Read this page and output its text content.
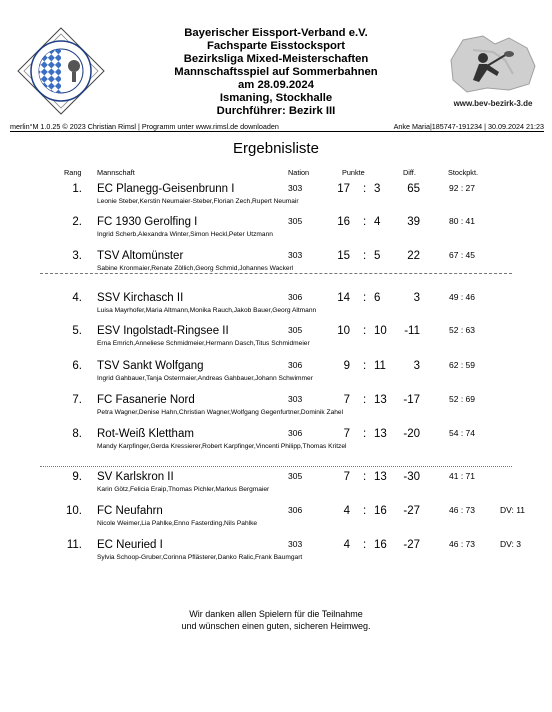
www.bev-bezirk-3.de
Bayerischer Eissport-Verband e.V.
Fachsparte Eisstocksport
Bezirksliga Mixed-Meisterschaften
Mannschaftsspiel auf Sommerbahnen
am 28.09.2024
Ismaning, Stockhalle
Durchführer: Bezirk III
merlin°M 1.0.25 © 2023 Christian Rimsl | Programm unter www.rimsl.de downloaden	Anke Maria|185747-191234 | 30.09.2024 21:23
Ergebnisliste
Rang Mannschaft	Nation	Punkte	Diff.	Stockpkt.
1. EC Planegg-Geisenbrunn I	303	17 : 3	65	92 : 27
Leonie Steber,Kerstin Neumaier-Steber,Florian Zech,Rupert Neumair
2. FC 1930 Gerolfing I	305	16 : 4	39	80 : 41
Ingrid Scherb,Alexandra Winter,Simon Heckl,Peter Utzmann
3. TSV Altomünster	303	15 : 5	22	67 : 45
Sabine Kronmaier,Renate Zöllich,Georg Schmid,Johannes Wackerl
4. SSV Kirchasch II	306	14 : 6	3	49 : 46
Luisa Mayrhofer,Maria Altmann,Monika Rauch,Jakob Bauer,Georg Altmann
5. ESV Ingolstadt-Ringsee II	305	10 : 10	-11	52 : 63
Erna Emrich,Anneliese Schmidmeier,Hermann Dasch,Titus Schmidmeier
6. TSV Sankt Wolfgang	306	9 : 11	3	62 : 59
Ingrid Gahbauer,Tanja Ostermaier,Andreas Gahbauer,Johann Schwimmer
7. FC Fasanerie Nord	303	7 : 13	-17	52 : 69
Petra Wagner,Denise Hahn,Christian Wagner,Wolfgang Gegenfurtner,Dominik Zahel
8. Rot-Weiß Klettham	306	7 : 13	-20	54 : 74
Mandy Karpfinger,Gerda Kressierer,Robert Karpfinger,Vincenti Philipp,Thomas Kritzel
9. SV Karlskron II	305	7 : 13	-30	41 : 71
Karin Götz,Felicia Eraip,Thomas Pichler,Markus Bergmaier
10. FC Neufahrn	306	4 : 16	-27	46 : 73	DV: 11
Nicole Weimer,Lia Pahlke,Enno Fasterding,Nils Pahlke
11. EC Neuried I	303	4 : 16	-27	46 : 73	DV: 3
Sylvia Schoop-Gruber,Corinna Pflästerer,Danko Ralic,Frank Baumgart
Wir danken allen Spielern für die Teilnahme
und wünschen einen guten, sicheren Heimweg.
